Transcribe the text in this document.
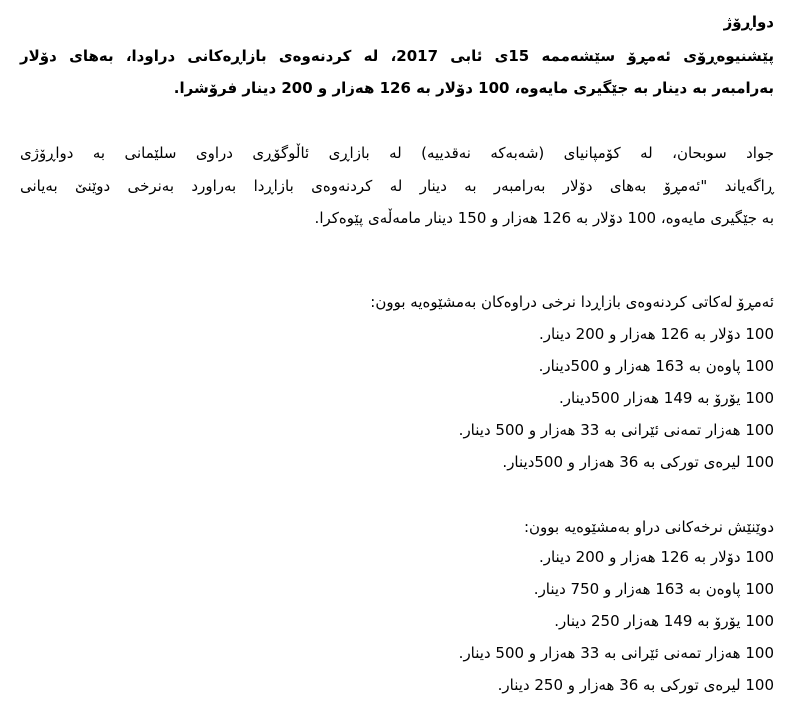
دواڕۆژ
پێشنیوەڕۆی ئەمڕۆ سێشەممە 15ی ئابی 2017، لە کردنەوەی بازاڕەکانی دراودا، بەهای دۆلار
بەرامبەر بە دینار بە جێگیری مایەوە، 100 دۆلار بە 126 هەزار و 200 دینار فرۆشرا.
جواد سوبحان، لە کۆمپانیای (شەبەکە نەقدییە) لە بازاڕی ئاڵوگۆڕی دراوی سلێمانی بە دواڕۆژی
ڕاگەیاند "ئەمڕۆ بەهای دۆلار بەرامبەر بە دینار لە کردنەوەی بازاڕدا بەراورد بەنرخی دوێنێ بەیانی
بە جێگیری مایەوە، 100 دۆلار بە 126 هەزار و 150 دینار مامەڵەی پێوەکرا.
ئەمڕۆ لەکاتی کردنەوەی بازاڕدا نرخی دراوەکان بەمشێوەیە بوون:
100 دۆلار بە 126 هەزار و 200 دینار.
100 پاوەن بە 163 هەزار و 500دینار.
100 یۆرۆ بە 149 هەزار 500دینار.
100 هەزار تمەنی ئێرانی بە 33 هەزار و 500 دینار.
100 لیرەی تورکی بە 36 هەزار و 500دینار.
دوێنێش نرخەکانی دراو بەمشێوەیە بوون:
100 دۆلار بە 126 هەزار و 200 دینار.
100 پاوەن بە 163 هەزار و 750 دینار.
100 یۆرۆ بە 149 هەزار 250 دینار.
100 هەزار تمەنی ئێرانی بە 33 هەزار و 500 دینار.
100 لیرەی تورکی بە 36 هەزار و 250 دینار.
